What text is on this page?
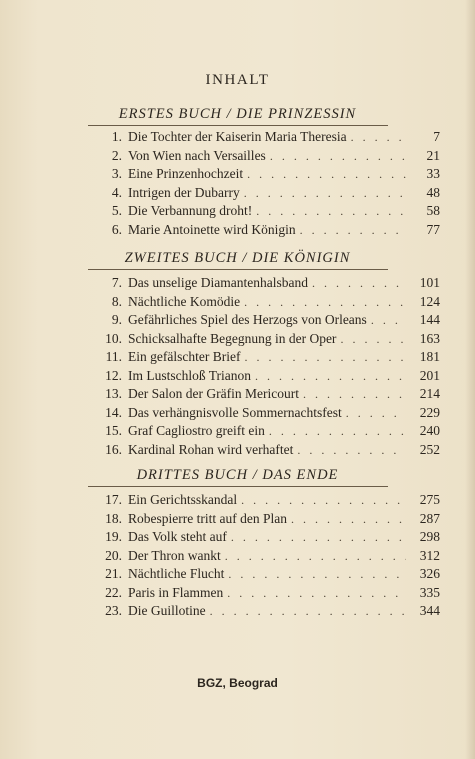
INHALT
ERSTES BUCH / DIE PRINZESSIN
1. Die Tochter der Kaiserin Maria Theresia . . .	7
2. Von Wien nach Versailles . . .	21
3. Eine Prinzenhochzeit . . .	33
4. Intrigen der Dubarry . . .	48
5. Die Verbannung droht! . . .	58
6. Marie Antoinette wird Königin . . .	77
ZWEITES BUCH / DIE KÖNIGIN
7. Das unselige Diamantenhalsband . . .	101
8. Nächtliche Komödie . . .	124
9. Gefährliches Spiel des Herzogs von Orleans . . .	144
10. Schicksalhafte Begegnung in der Oper . . .	163
11. Ein gefälschter Brief . . .	181
12. Im Lustschloß Trianon . . .	201
13. Der Salon der Gräfin Mericourt . . .	214
14. Das verhängnisvolle Sommernachtsfest . . .	229
15. Graf Cagliostro greift ein . . .	240
16. Kardinal Rohan wird verhaftet . . .	252
DRITTES BUCH / DAS ENDE
17. Ein Gerichtsskandal . . .	275
18. Robespierre tritt auf den Plan . . .	287
19. Das Volk steht auf . . .	298
20. Der Thron wankt . . .	312
21. Nächtliche Flucht . . .	326
22. Paris in Flammen . . .	335
23. Die Guillotine . . .	344
BGZ, Beograd
